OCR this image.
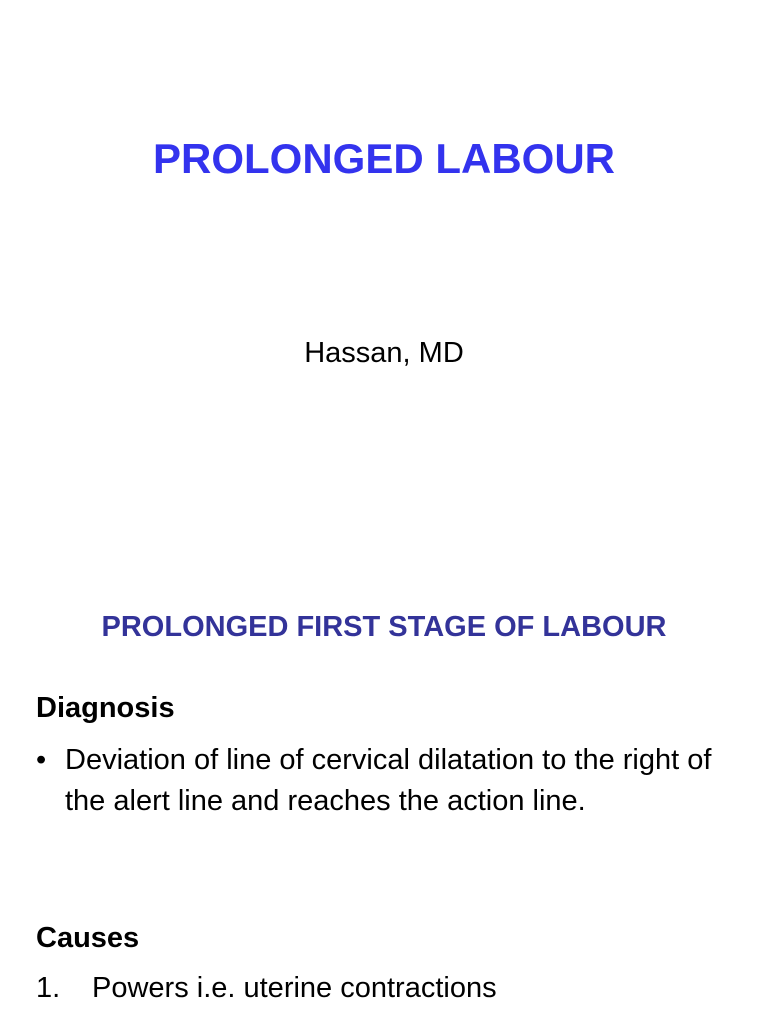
PROLONGED LABOUR

Hassan, MD

PROLONGED FIRST STAGE OF LABOUR
Diagnosis
• Deviation of line of cervical dilatation to the right of the alert line and reaches the action line.
Causes
1.	Powers i.e. uterine contractions
